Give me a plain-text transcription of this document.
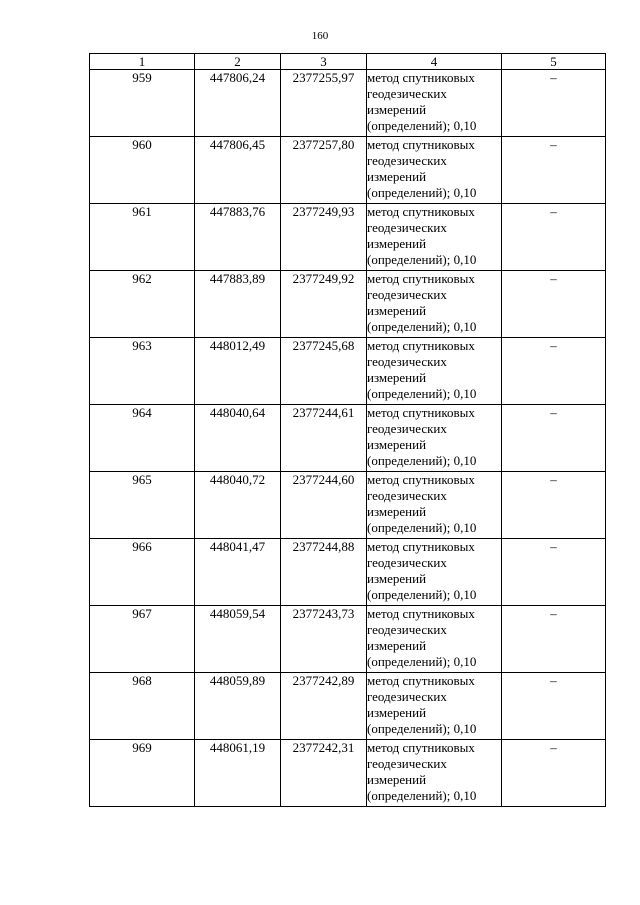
160
1	2	3	4	5
959	447806,24	2377255,97	метод спутниковых геодезических измерений (определений); 0,10	–
960	447806,45	2377257,80	метод спутниковых геодезических измерений (определений); 0,10	–
961	447883,76	2377249,93	метод спутниковых геодезических измерений (определений); 0,10	–
962	447883,89	2377249,92	метод спутниковых геодезических измерений (определений); 0,10	–
963	448012,49	2377245,68	метод спутниковых геодезических измерений (определений); 0,10	–
964	448040,64	2377244,61	метод спутниковых геодезических измерений (определений); 0,10	–
965	448040,72	2377244,60	метод спутниковых геодезических измерений (определений); 0,10	–
966	448041,47	2377244,88	метод спутниковых геодезических измерений (определений); 0,10	–
967	448059,54	2377243,73	метод спутниковых геодезических измерений (определений); 0,10	–
968	448059,89	2377242,89	метод спутниковых геодезических измерений (определений); 0,10	–
969	448061,19	2377242,31	метод спутниковых геодезических измерений (определений); 0,10	–
